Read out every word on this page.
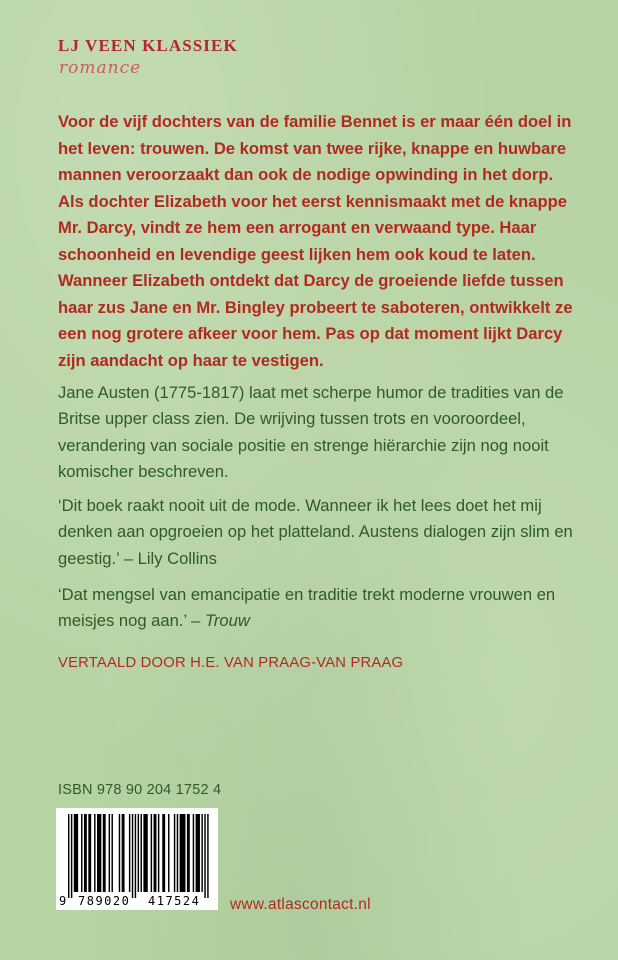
LJ VEEN KLASSIEK

romance

Voor de vijf dochters van de familie Bennet is er maar één doel in het leven: trouwen. De komst van twee rijke, knappe en huwbare mannen veroorzaakt dan ook de nodige opwinding in het dorp. Als dochter Elizabeth voor het eerst kennismaakt met de knappe Mr. Darcy, vindt ze hem een arrogant en verwaand type. Haar schoonheid en levendige geest lijken hem ook koud te laten. Wanneer Elizabeth ontdekt dat Darcy de groeiende liefde tussen haar zus Jane en Mr. Bingley probeert te saboteren, ontwikkelt ze een nog grotere afkeer voor hem. Pas op dat moment lijkt Darcy zijn aandacht op haar te vestigen.

Jane Austen (1775-1817) laat met scherpe humor de tradities van de Britse upper class zien. De wrijving tussen trots en vooroordeel, verandering van sociale positie en strenge hiërarchie zijn nog nooit komischer beschreven.

‘Dit boek raakt nooit uit de mode. Wanneer ik het lees doet het mij denken aan opgroeien op het platteland. Austens dialogen zijn slim en geestig.’ – Lily Collins

‘Dat mengsel van emancipatie en traditie trekt moderne vrouwen en meisjes nog aan.’ – Trouw

VERTAALD DOOR H.E. VAN PRAAG-VAN PRAAG

ISBN 978 90 204 1752 4

9 789020 417524 www.atlascontact.nl
